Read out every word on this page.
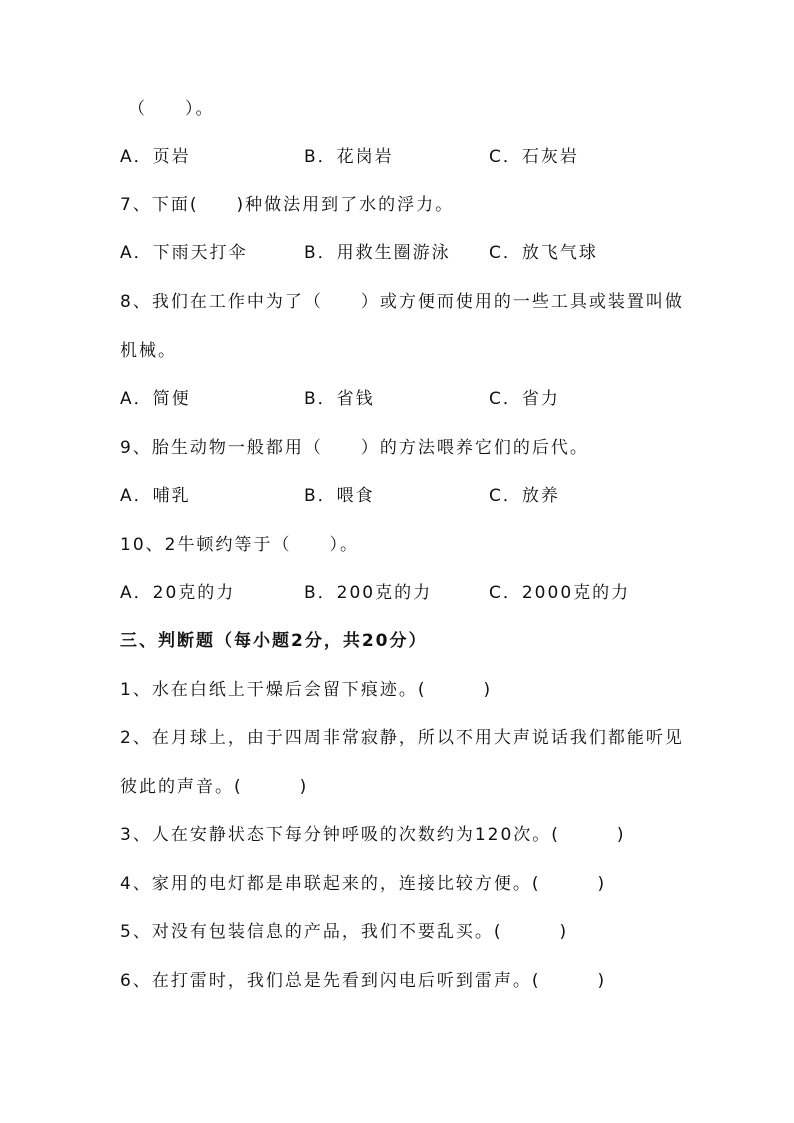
（　　）。
A．页岩	B．花岗岩	C．石灰岩
7、下面(　　)种做法用到了水的浮力。
A．下雨天打伞	B．用救生圈游泳 C．放飞气球
8、我们在工作中为了（　　）或方便而使用的一些工具或装置叫做
机械。
A．简便	B．省钱	C．省力
9、胎生动物一般都用（　　）的方法喂养它们的后代。
A．哺乳	B．喂食	C．放养
10、2牛顿约等于（　　）。
A．20克的力	B．200克的力	C．2000克的力
三、判断题（每小题2分，共20分）
1、水在白纸上干燥后会留下痕迹。(　　　)
2、在月球上，由于四周非常寂静，所以不用大声说话我们都能听见
彼此的声音。(　　　)
3、人在安静状态下每分钟呼吸的次数约为120次。(　　　)
4、家用的电灯都是串联起来的，连接比较方便。(　　　)
5、对没有包装信息的产品，我们不要乱买。(　　　)
6、在打雷时，我们总是先看到闪电后听到雷声。(　　　)
